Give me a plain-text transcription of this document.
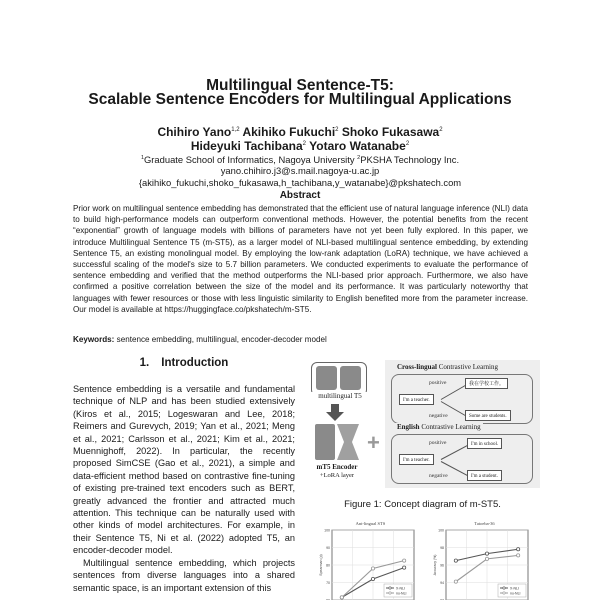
Multilingual Sentence-T5:
Scalable Sentence Encoders for Multilingual Applications
Chihiro Yano$^{1,2}$ Akihiko Fukuchi$^2$ Shoko Fukasawa$^2$
Hideyuki Tachibana$^2$ Yotaro Watanabe$^2$
$^1$Graduate School of Informatics, Nagoya University $^2$PKSHA Technology Inc.
yano.chihiro.j3@s.mail.nagoya-u.ac.jp
{akihiko_fukuchi,shoko_fukasawa,h_tachibana,y_watanabe}@pkshatech.com
Abstract
Prior work on multilingual sentence embedding has demonstrated that the efficient use of natural language inference (NLI) data to build high-performance models can outperform conventional methods. However, the potential benefits from the recent “exponential” growth of language models with billions of parameters have not yet been fully explored. In this paper, we introduce Multilingual Sentence T5 (m-ST5), as a larger model of NLI-based multilingual sentence embedding, by extending Sentence T5, an existing monolingual model. By employing the low-rank adaptation (LoRA) technique, we have achieved a successful scaling of the model's size to 5.7 billion parameters. We conducted experiments to evaluate the performance of sentence embedding and verified that the method outperforms the NLI-based prior approach. Furthermore, we also have confirmed a positive correlation between the size of the model and its performance. It was particularly noteworthy that languages with fewer resources or those with less linguistic similarity to English benefited more from the parameter increase. Our model is available at https://huggingface.co/pkshatech/m-ST5.
Keywords: sentence embedding, multilingual, encoder-decoder model
1. Introduction

Sentence embedding is a versatile and fundamental technique of NLP and has been studied extensively (Kiros et al., 2015; Logeswaran and Lee, 2018; Reimers and Gurevych, 2019; Yan et al., 2021; Meng et al., 2021; Carlsson et al., 2021; Kim et al., 2021; Muennighoff, 2022). In particular, the recently proposed SimCSE (Gao et al., 2021), a simple and data-efficient method based on contrastive fine-tuning of existing pre-trained text encoders such as BERT, greatly advanced the frontier and attracted much attention. This technique can be naturally used with other kinds of model architectures. For example, in their Sentence T5, Ni et al. (2022) adopted T5, an encoder-decoder model.

Multilingual sentence embedding, which projects sentences from diverse languages into a shared semantic space, is an important extension of this

multilingual T5
+
mT5 Encoder
+LoRA layer
Cross-lingual Contrastive Learning
positive
negative
I'm a teacher.
我在学校工作。
Some are students.
English Contrastive Learning
positive
negative
I'm a teacher.
I'm in school.
I'm a student.
Figure 1: Concept diagram of m-ST5.
70
80
90
100
Spearman (ρ)
X-NLI
no-NLI
Ant-lingual STS
94
96
98
100
Accuracy (%)
X-NLI
no-NLI
Tatoeba-36
